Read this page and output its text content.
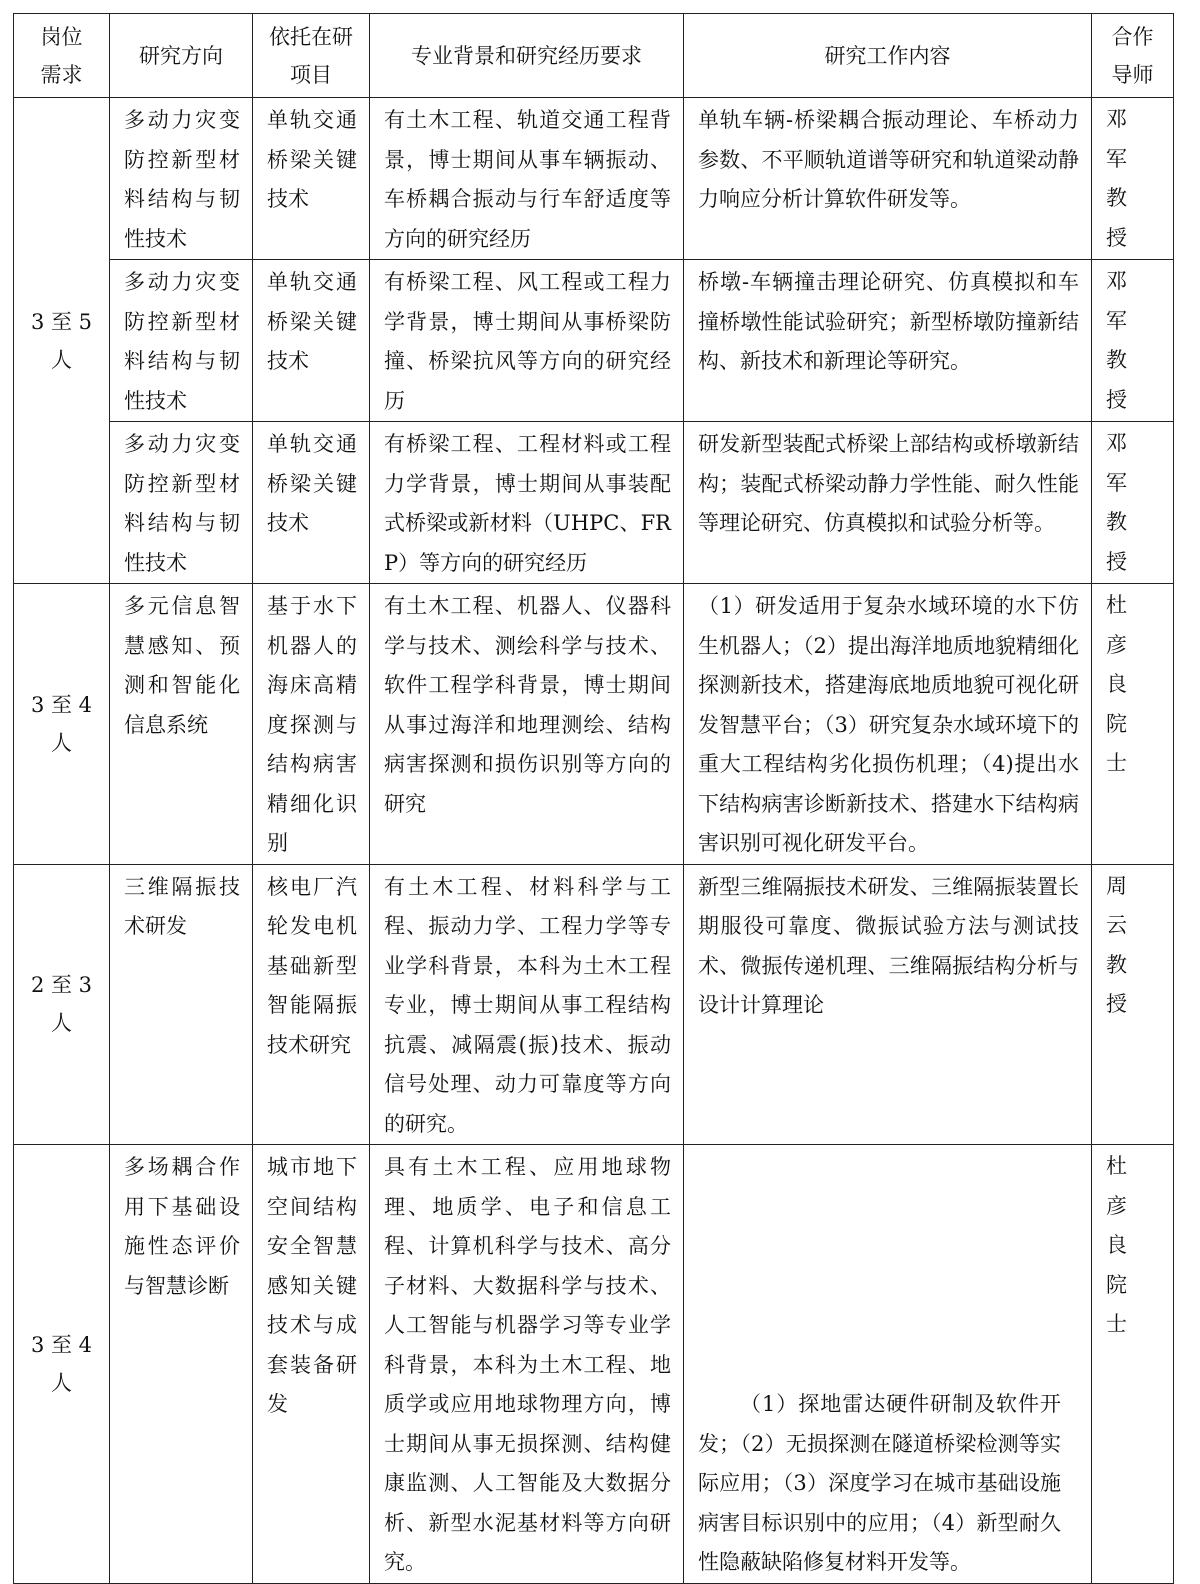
岗位需求	研究方向	依托在研项目	专业背景和研究经历要求	研究工作内容	合作导师

3 至 5 人	多动力灾变防控新型材料结构与韧性技术	单轨交通桥梁关键技术	有土木工程、轨道交通工程背景，博士期间从事车辆振动、车桥耦合振动与行车舒适度等方向的研究经历	单轨车辆-桥梁耦合振动理论、车桥动力参数、不平顺轨道谱等研究和轨道梁动静力响应分析计算软件研发等。	邓军教授

	多动力灾变防控新型材料结构与韧性技术	单轨交通桥梁关键技术	有桥梁工程、风工程或工程力学背景，博士期间从事桥梁防撞、桥梁抗风等方向的研究经历	桥墩-车辆撞击理论研究、仿真模拟和车撞桥墩性能试验研究；新型桥墩防撞新结构、新技术和新理论等研究。	邓军教授

	多动力灾变防控新型材料结构与韧性技术	单轨交通桥梁关键技术	有桥梁工程、工程材料或工程力学背景，博士期间从事装配式桥梁或新材料（UHPC、FRP）等方向的研究经历	研发新型装配式桥梁上部结构或桥墩新结构；装配式桥梁动静力学性能、耐久性能等理论研究、仿真模拟和试验分析等。	邓军教授

3 至 4 人	多元信息智慧感知、预测和智能化信息系统	基于水下机器人的海床高精度探测与结构病害精细化识别	有土木工程、机器人、仪器科学与技术、测绘科学与技术、软件工程学科背景，博士期间从事过海洋和地理测绘、结构病害探测和损伤识别等方向的研究	（1）研发适用于复杂水域环境的水下仿生机器人；（2）提出海洋地质地貌精细化探测新技术，搭建海底地质地貌可视化研发智慧平台；（3）研究复杂水域环境下的重大工程结构劣化损伤机理；（4)提出水下结构病害诊断新技术、搭建水下结构病害识别可视化研发平台。	杜彦良院士

2 至 3 人	三维隔振技术研发	核电厂汽轮发电机基础新型智能隔振技术研究	有土木工程、材料科学与工程、振动力学、工程力学等专业学科背景，本科为土木工程专业，博士期间从事工程结构抗震、减隔震(振)技术、振动信号处理、动力可靠度等方向的研究。	新型三维隔振技术研发、三维隔振装置长期服役可靠度、微振试验方法与测试技术、微振传递机理、三维隔振结构分析与设计计算理论	周云教授

3 至 4 人	多场耦合作用下基础设施性态评价与智慧诊断	城市地下空间结构安全智慧感知关键技术与成套装备研发	具有土木工程、应用地球物理、地质学、电子和信息工程、计算机科学与技术、高分子材料、大数据科学与技术、人工智能与机器学习等专业学科背景，本科为土木工程、地质学或应用地球物理方向，博士期间从事无损探测、结构健康监测、人工智能及大数据分析、新型水泥基材料等方向研究。	（1）探地雷达硬件研制及软件开发；（2）无损探测在隧道桥梁检测等实际应用；（3）深度学习在城市基础设施病害目标识别中的应用；（4）新型耐久性隐蔽缺陷修复材料开发等。	杜彦良院士
